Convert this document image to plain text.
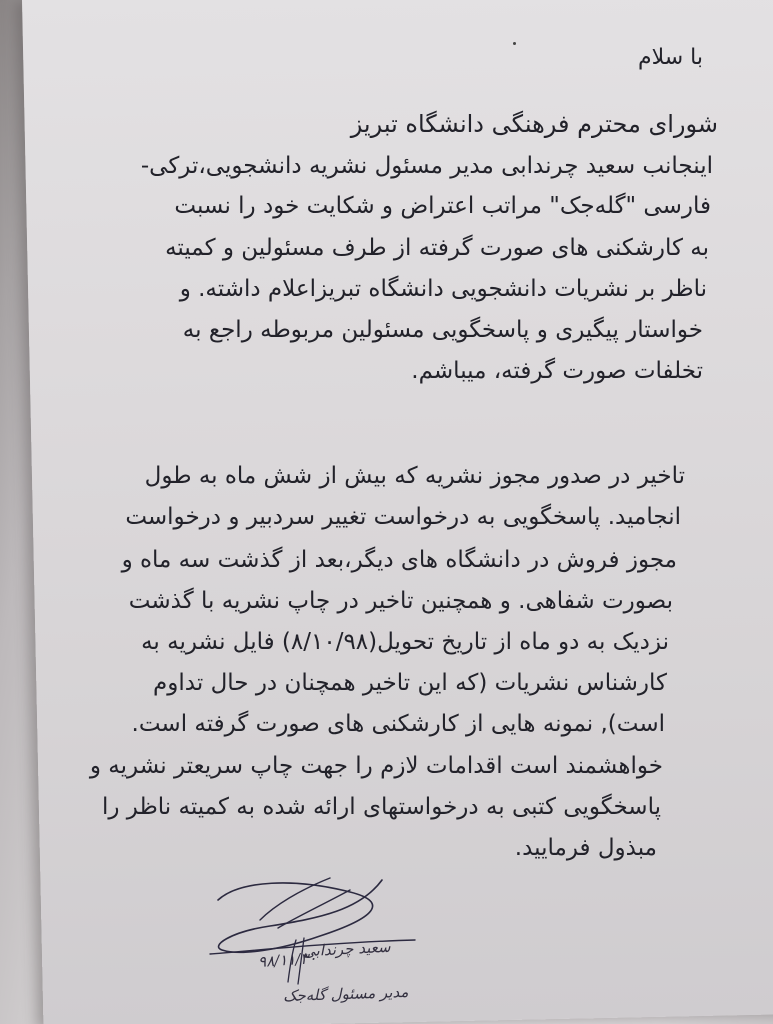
با سلام
شورای محترم فرهنگی دانشگاه تبریز
اینجانب سعید چرندابی مدیر مسئول نشریه دانشجویی،ترکی-
فارسی "گلەجک" مراتب اعتراض و شکایت خود را نسبت
به کارشکنی های صورت گرفته از طرف مسئولین و کمیته
ناظر بر نشریات دانشجویی دانشگاه تبریزاعلام داشته. و
خواستار پیگیری و پاسخگویی مسئولین مربوطه راجع به
تخلفات صورت گرفته، میباشم.
تاخیر در صدور مجوز نشریه که بیش از شش ماه به طول
انجامید. پاسخگویی به درخواست تغییر سردبیر و درخواست
مجوز فروش در دانشگاه های دیگر،بعد از گذشت سه ماه و
بصورت شفاهی. و همچنین تاخیر در چاپ نشریه با گذشت
نزدیک به دو ماه از تاریخ تحویل(۸/۱۰/۹۸) فایل نشریه به
کارشناس نشریات (که این تاخیر همچنان در حال تداوم
است), نمونه هایی از کارشکنی های صورت گرفته است.
خواهشمند است اقدامات لازم را جهت چاپ سریعتر نشریه و
پاسخگویی کتبی به درخواستهای ارائه شده به کمیته ناظر را
مبذول فرمایید.
سعید چرندابی
۹۸/۱۱/۳۰
مدیر مسئول گلەجک
